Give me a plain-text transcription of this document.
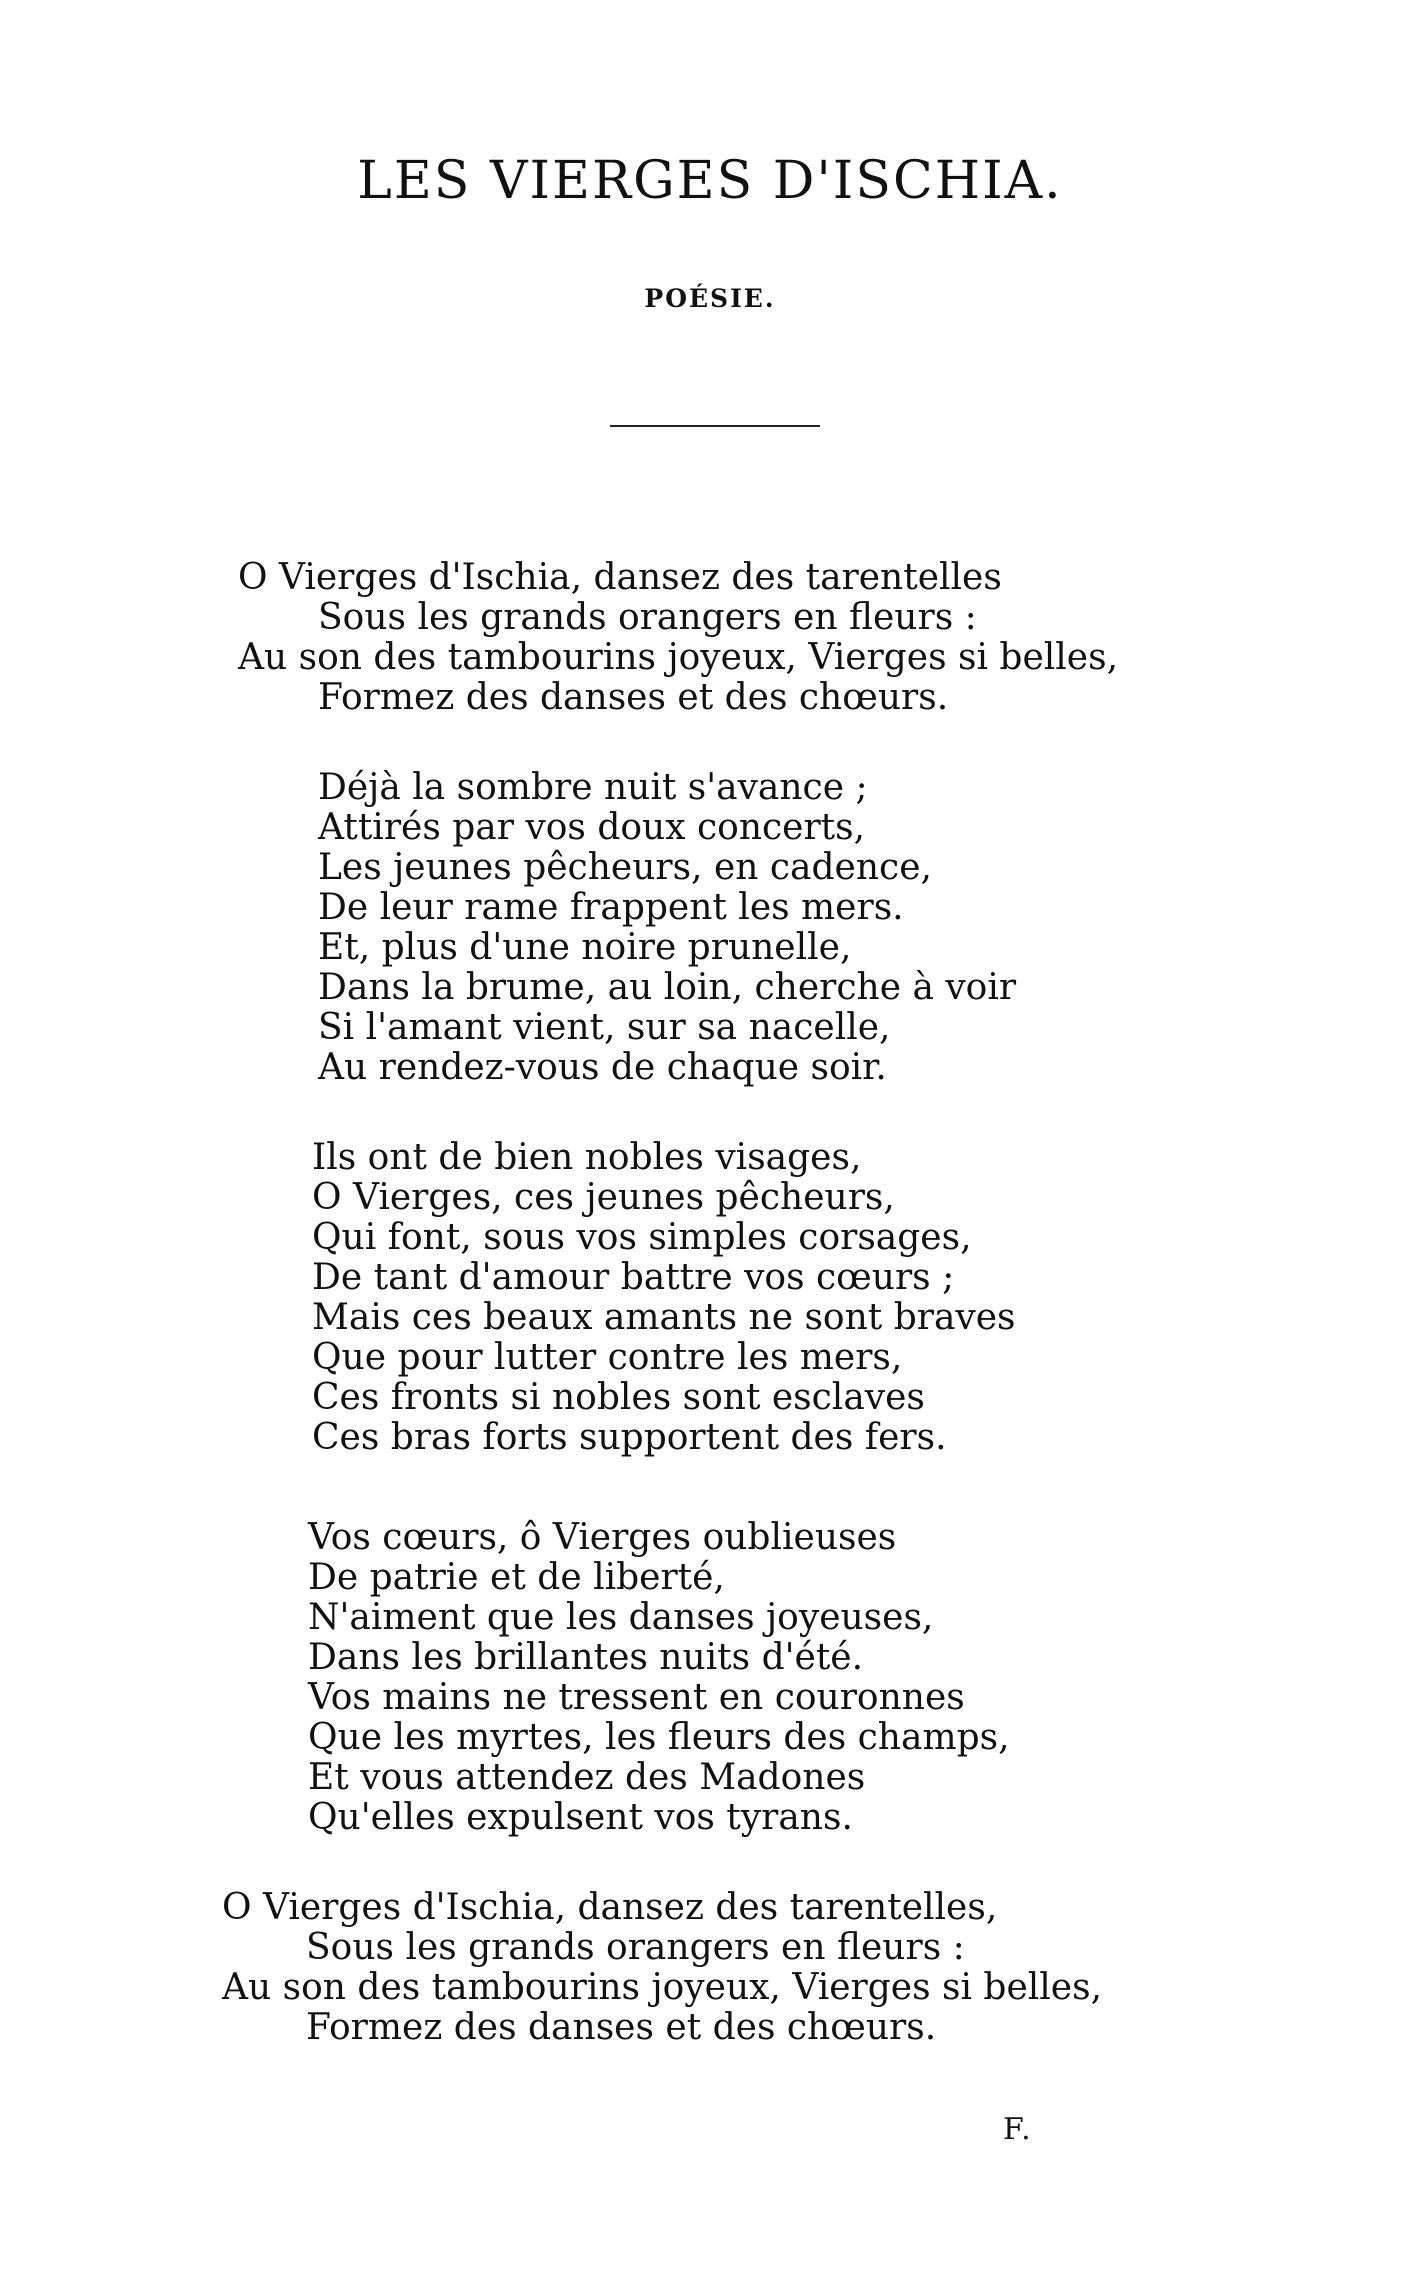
LES VIERGES D'ISCHIA.
POÉSIE.
O Vierges d'Ischia, dansez des tarentelles
Sous les grands orangers en fleurs :
Au son des tambourins joyeux, Vierges si belles,
Formez des danses et des chœurs.
Déjà la sombre nuit s'avance ;
Attirés par vos doux concerts,
Les jeunes pêcheurs, en cadence,
De leur rame frappent les mers.
Et, plus d'une noire prunelle,
Dans la brume, au loin, cherche à voir
Si l'amant vient, sur sa nacelle,
Au rendez-vous de chaque soir.
Ils ont de bien nobles visages,
O Vierges, ces jeunes pêcheurs,
Qui font, sous vos simples corsages,
De tant d'amour battre vos cœurs ;
Mais ces beaux amants ne sont braves
Que pour lutter contre les mers,
Ces fronts si nobles sont esclaves
Ces bras forts supportent des fers.
Vos cœurs, ô Vierges oublieuses
De patrie et de liberté,
N'aiment que les danses joyeuses,
Dans les brillantes nuits d'été.
Vos mains ne tressent en couronnes
Que les myrtes, les fleurs des champs,
Et vous attendez des Madones
Qu'elles expulsent vos tyrans.
O Vierges d'Ischia, dansez des tarentelles,
Sous les grands orangers en fleurs :
Au son des tambourins joyeux, Vierges si belles,
Formez des danses et des chœurs.
F.
